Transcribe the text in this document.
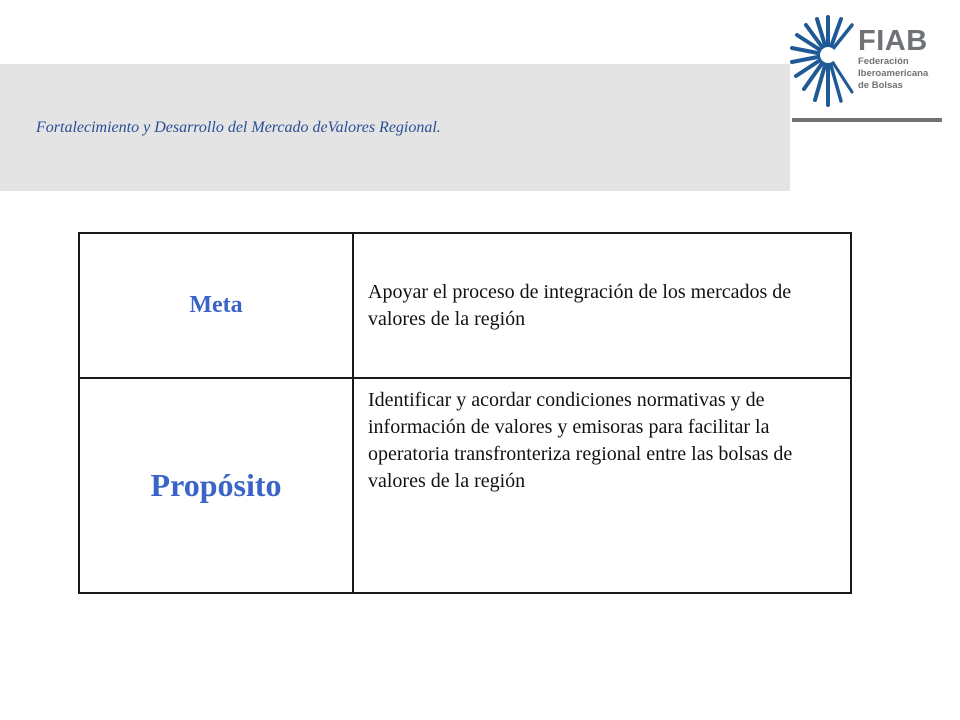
Fortalecimiento y Desarrollo del Mercado deValores Regional.
FIAB
Federación
Iberoamericana
de Bolsas
Meta	Apoyar el proceso de integración de los mercados de valores de la región
Propósito	Identificar y acordar condiciones normativas y de información de valores y emisoras para facilitar la operatoria transfronteriza regional entre las bolsas de valores de la región
